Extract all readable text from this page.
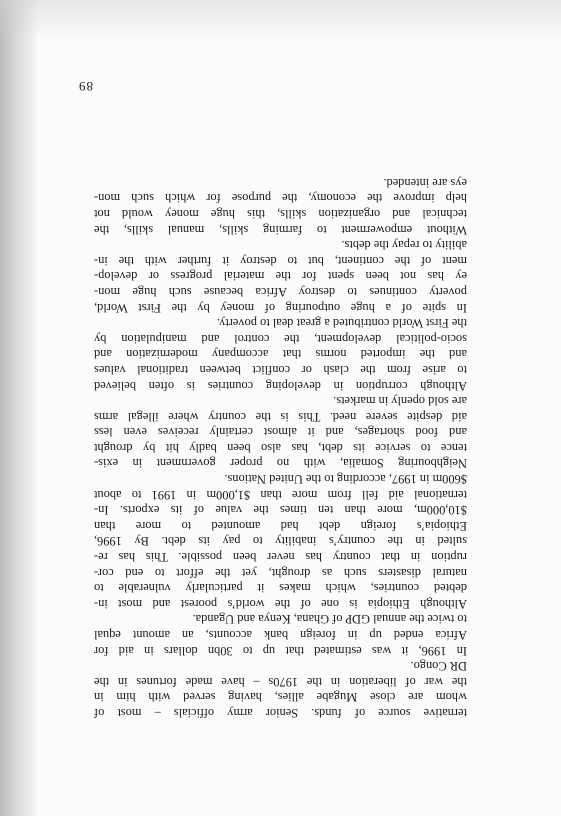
89
ternative source of funds. Senior army officials – most of
whom are close Mugabe allies, having served with him in
the war of liberation in the 1970s – have made fortunes in the
DR Congo.
In 1996, it was estimated that up to 30bn dollars in aid for
Africa ended up in foreign bank accounts, an amount equal
to twice the annual GDP of Ghana, Kenya and Uganda.
Although Ethiopia is one of the world’s poorest and most in-
debted countries, which makes it particularly vulnerable to
natural disasters such as drought, yet the effort to end cor-
ruption in that country has never been possible. This has re-
sulted in the country’s inability to pay its debt. By 1996,
Ethiopia’s foreign debt had amounted to more than
$10,000m, more than ten times the value of its exports. In-
ternational aid fell from more than $1,000m in 1991 to about
$600m in 1997, according to the United Nations.
Neighbouring Somalia, with no proper government in exis-
tence to service its debt, has also been badly hit by drought
and food shortages, and it almost certainly receives even less
aid despite severe need. This is the country where illegal arms
are sold openly in markets.
Although corruption in developing countries is often believed
to arise from the clash or conflict between traditional values
and the imported norms that accompany modernization and
socio-political development, the control and manipulation by
the First World contributed a great deal to poverty.
In spite of a huge outpouring of money by the First World,
poverty continues to destroy Africa because such huge mon-
ey has not been spent for the material progress or develop-
ment of the continent, but to destroy it further with the in-
ability to repay the debts.
Without empowerment to farming skills, manual skills, the
technical and organization skills, this huge money would not
help improve the economy, the purpose for which such mon-
eys are intended.
